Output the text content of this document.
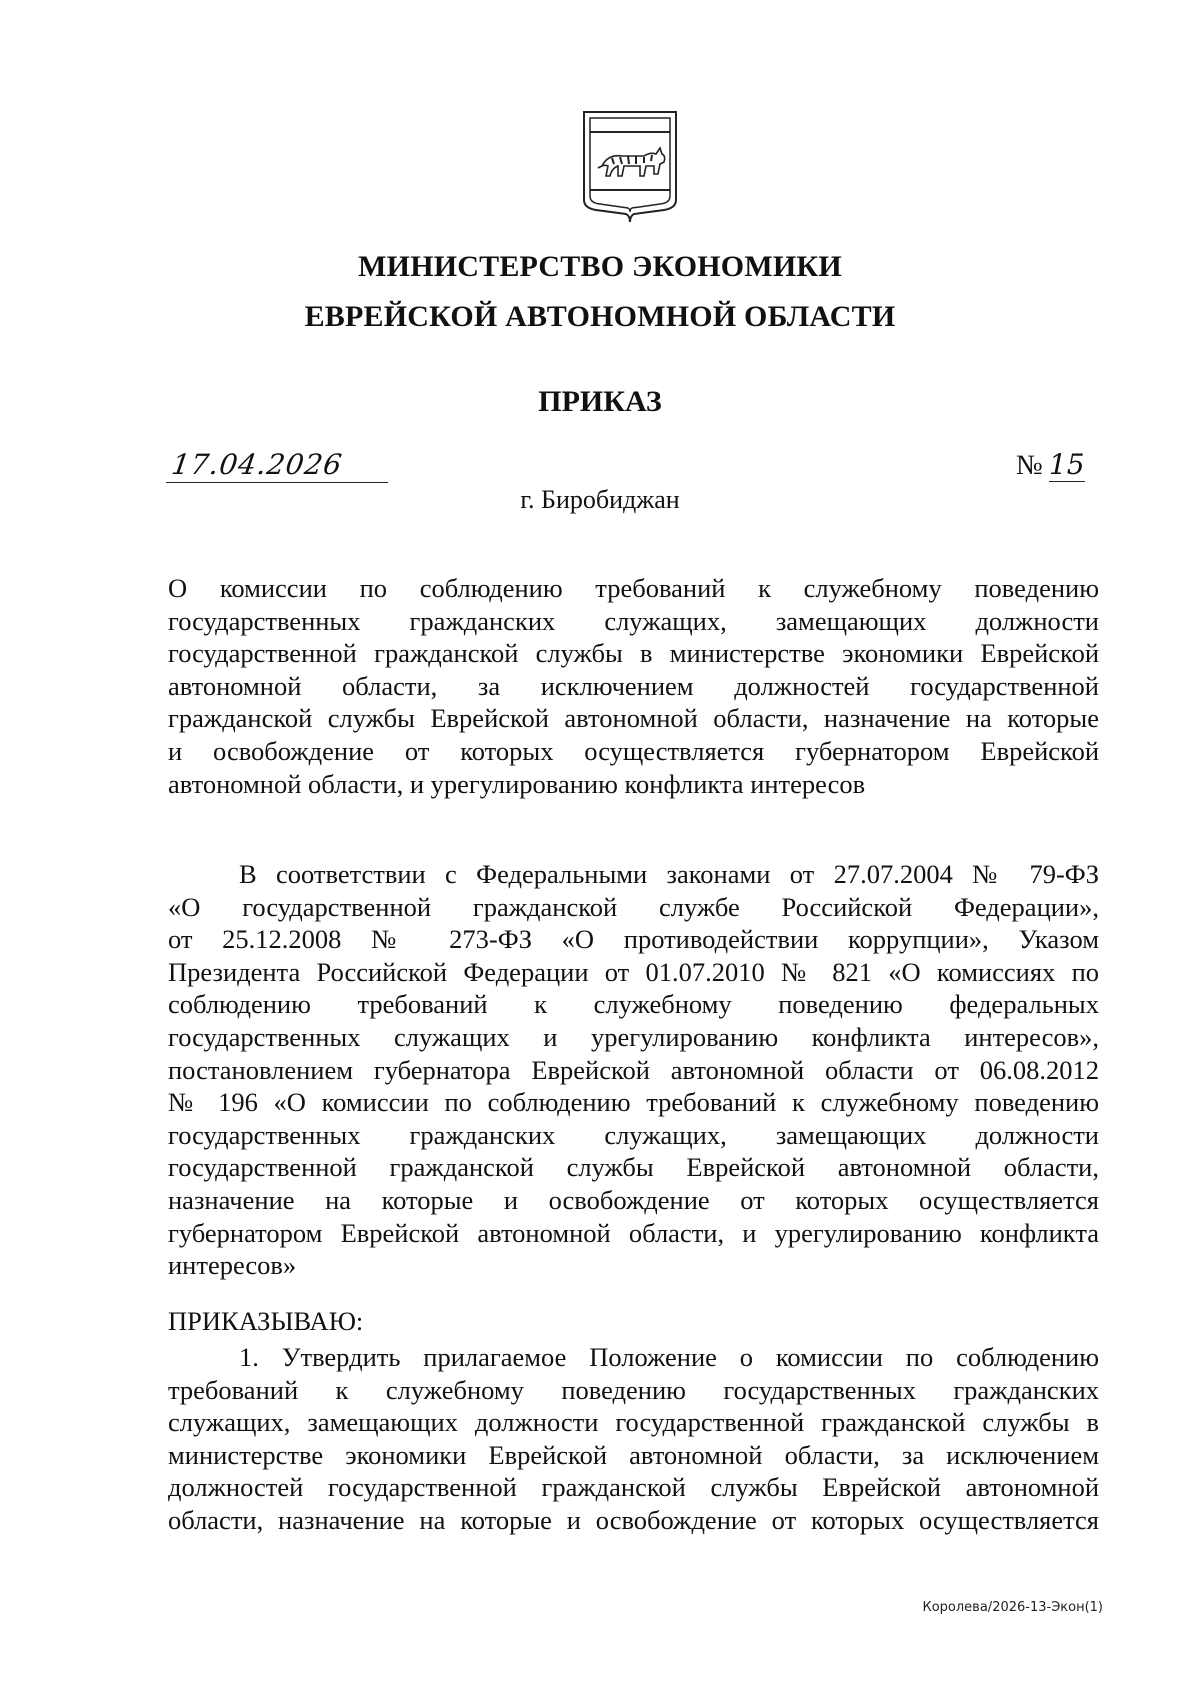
МИНИСТЕРСТВО ЭКОНОМИКИ
ЕВРЕЙСКОЙ АВТОНОМНОЙ ОБЛАСТИ
ПРИКАЗ
17.04.2026	№ 15
г. Биробиджан
О комиссии по соблюдению требований к служебному поведению
государственных гражданских служащих, замещающих должности
государственной гражданской службы в министерстве экономики Еврейской
автономной области, за исключением должностей государственной
гражданской службы Еврейской автономной области, назначение на которые
и освобождение от которых осуществляется губернатором Еврейской
автономной области, и урегулированию конфликта интересов
В соответствии с Федеральными законами от 27.07.2004 № 79-ФЗ
«О государственной гражданской службе Российской Федерации»,
от 25.12.2008 № 273-ФЗ «О противодействии коррупции», Указом
Президента Российской Федерации от 01.07.2010 № 821 «О комиссиях по
соблюдению требований к служебному поведению федеральных
государственных служащих и урегулированию конфликта интересов»,
постановлением губернатора Еврейской автономной области от 06.08.2012
№ 196 «О комиссии по соблюдению требований к служебному поведению
государственных гражданских служащих, замещающих должности
государственной гражданской службы Еврейской автономной области,
назначение на которые и освобождение от которых осуществляется
губернатором Еврейской автономной области, и урегулированию конфликта
интересов»
ПРИКАЗЫВАЮ:
1. Утвердить прилагаемое Положение о комиссии по соблюдению
требований к служебному поведению государственных гражданских
служащих, замещающих должности государственной гражданской службы в
министерстве экономики Еврейской автономной области, за исключением
должностей государственной гражданской службы Еврейской автономной
области, назначение на которые и освобождение от которых осуществляется
Королева/2026-13-Экон(1)
